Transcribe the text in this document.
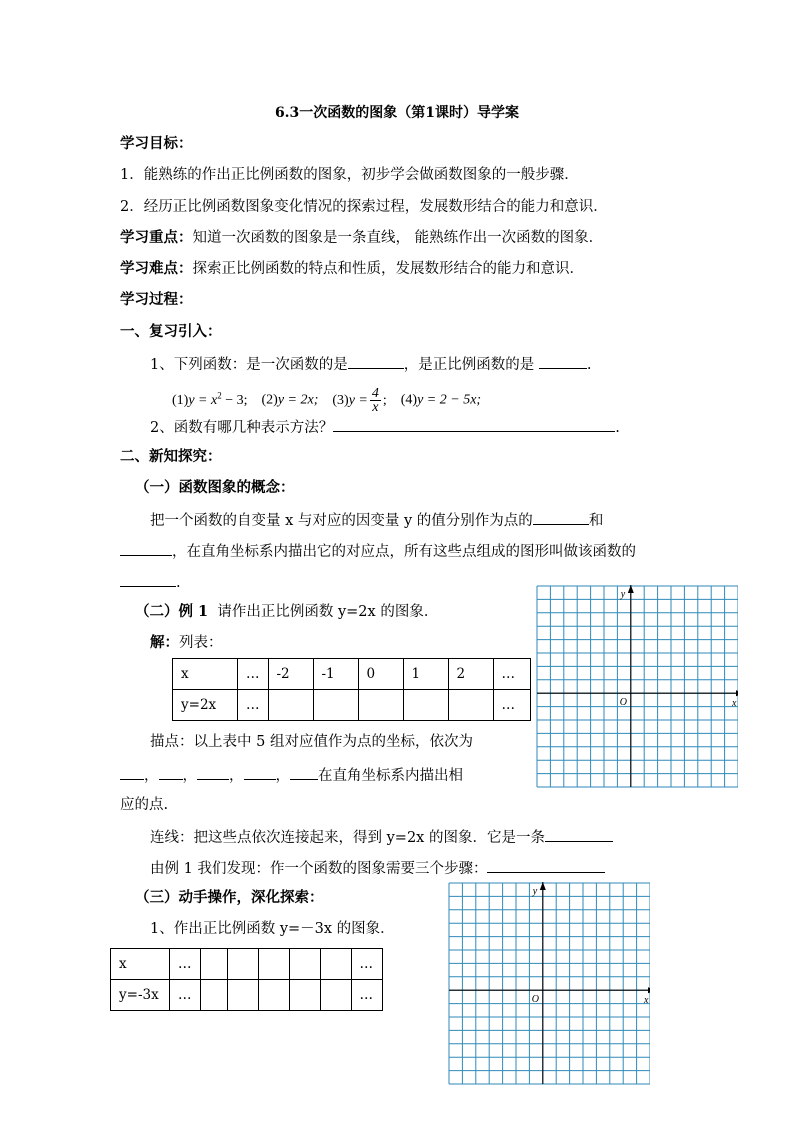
6.3一次函数的图象（第1课时）导学案
学习目标：
1．能熟练的作出正比例函数的图象，初步学会做函数图象的一般步骤．
2．经历正比例函数图象变化情况的探索过程，发展数形结合的能力和意识．
学习重点：知道一次函数的图象是一条直线， 能熟练作出一次函数的图象．
学习难点：探索正比例函数的特点和性质，发展数形结合的能力和意识．
学习过程：
一、复习引入：
1、下列函数：是一次函数的是	，是正比例函数的是	.
$(1)y = x^2 - 3$; (2)y = 2x; $(3)y = \frac{4}{x}$ ; (4)y = 2 − 5x;
2、函数有哪几种表示方法？	.
二、新知探究：
（一）函数图象的概念：
把一个函数的自变量 x 与对应的因变量 y 的值分别作为点的	和
，在直角坐标系内描出它的对应点，所有这些点组成的图形叫做该函数的
.
（二）例 1 请作出正比例函数 y=2x 的图象．
解：列表：
x	…	-2	-1	0	1	2	…
y=2x	…						…
描点：以上表中 5 组对应值作为点的坐标，依次为
， ， ， ， 在直角坐标系内描出相
应的点.
连线：把这些点依次连接起来，得到 y=2x 的图象．它是一条
由例 1 我们发现：作一个函数的图象需要三个步骤：
（三）动手操作，深化探索：
1、作出正比例函数 y=－3x 的图象．
x	…						…
y=-3x	…						…
x
y
O
x
y
O
